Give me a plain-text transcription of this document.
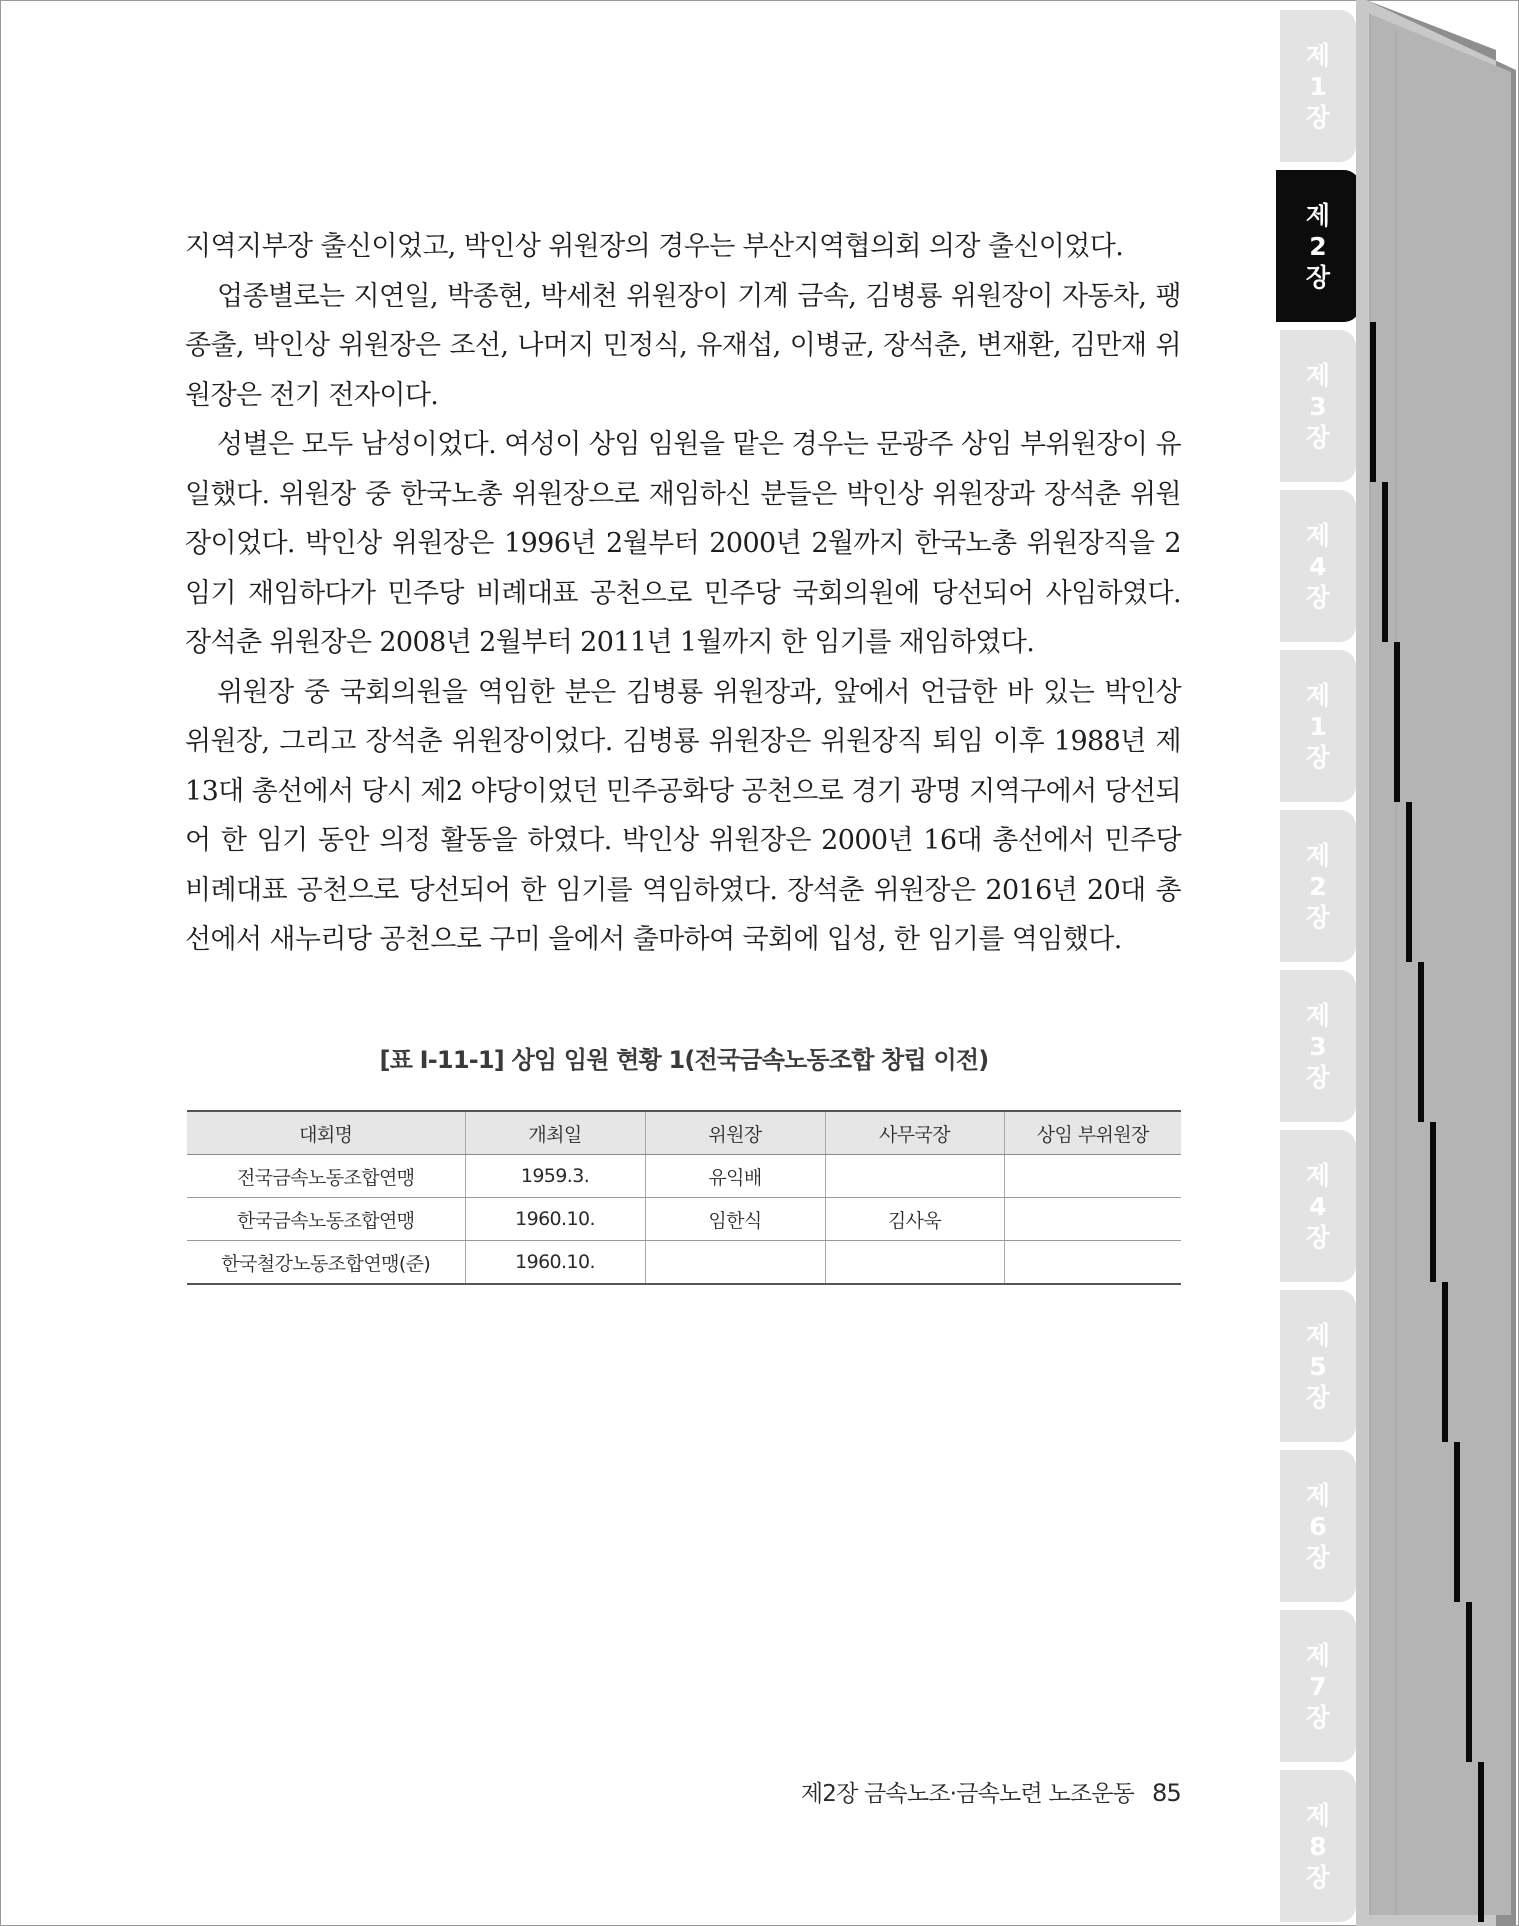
지역지부장 출신이었고, 박인상 위원장의 경우는 부산지역협의회 의장 출신이었다.

업종별로는 지연일, 박종현, 박세천 위원장이 기계 금속, 김병룡 위원장이 자동차, 팽종출, 박인상 위원장은 조선, 나머지 민정식, 유재섭, 이병균, 장석춘, 변재환, 김만재 위원장은 전기 전자이다.

성별은 모두 남성이었다. 여성이 상임 임원을 맡은 경우는 문광주 상임 부위원장이 유일했다. 위원장 중 한국노총 위원장으로 재임하신 분들은 박인상 위원장과 장석춘 위원장이었다. 박인상 위원장은 1996년 2월부터 2000년 2월까지 한국노총 위원장직을 2임기 재임하다가 민주당 비례대표 공천으로 민주당 국회의원에 당선되어 사임하였다. 장석춘 위원장은 2008년 2월부터 2011년 1월까지 한 임기를 재임하였다.

위원장 중 국회의원을 역임한 분은 김병룡 위원장과, 앞에서 언급한 바 있는 박인상 위원장, 그리고 장석춘 위원장이었다. 김병룡 위원장은 위원장직 퇴임 이후 1988년 제13대 총선에서 당시 제2 야당이었던 민주공화당 공천으로 경기 광명 지역구에서 당선되어 한 임기 동안 의정 활동을 하였다. 박인상 위원장은 2000년 16대 총선에서 민주당 비례대표 공천으로 당선되어 한 임기를 역임하였다. 장석춘 위원장은 2016년 20대 총선에서 새누리당 공천으로 구미 을에서 출마하여 국회에 입성, 한 임기를 역임했다.

[표 Ⅰ-11-1] 상임 임원 현황 1(전국금속노동조합 창립 이전)
대회명	개최일	위원장	사무국장	상임 부위원장
전국금속노동조합연맹	1959.3.	유익배		
한국금속노동조합연맹	1960.10.	임한식	김사욱	
한국철강노동조합연맹(준)	1960.10.			
제2장 금속노조·금속노련 노조운동 85
제
1
장
제
2
장
제
3
장
제
4
장
제
1
장
제
2
장
제
3
장
제
4
장
제
5
장
제
6
장
제
7
장
제
8
장
